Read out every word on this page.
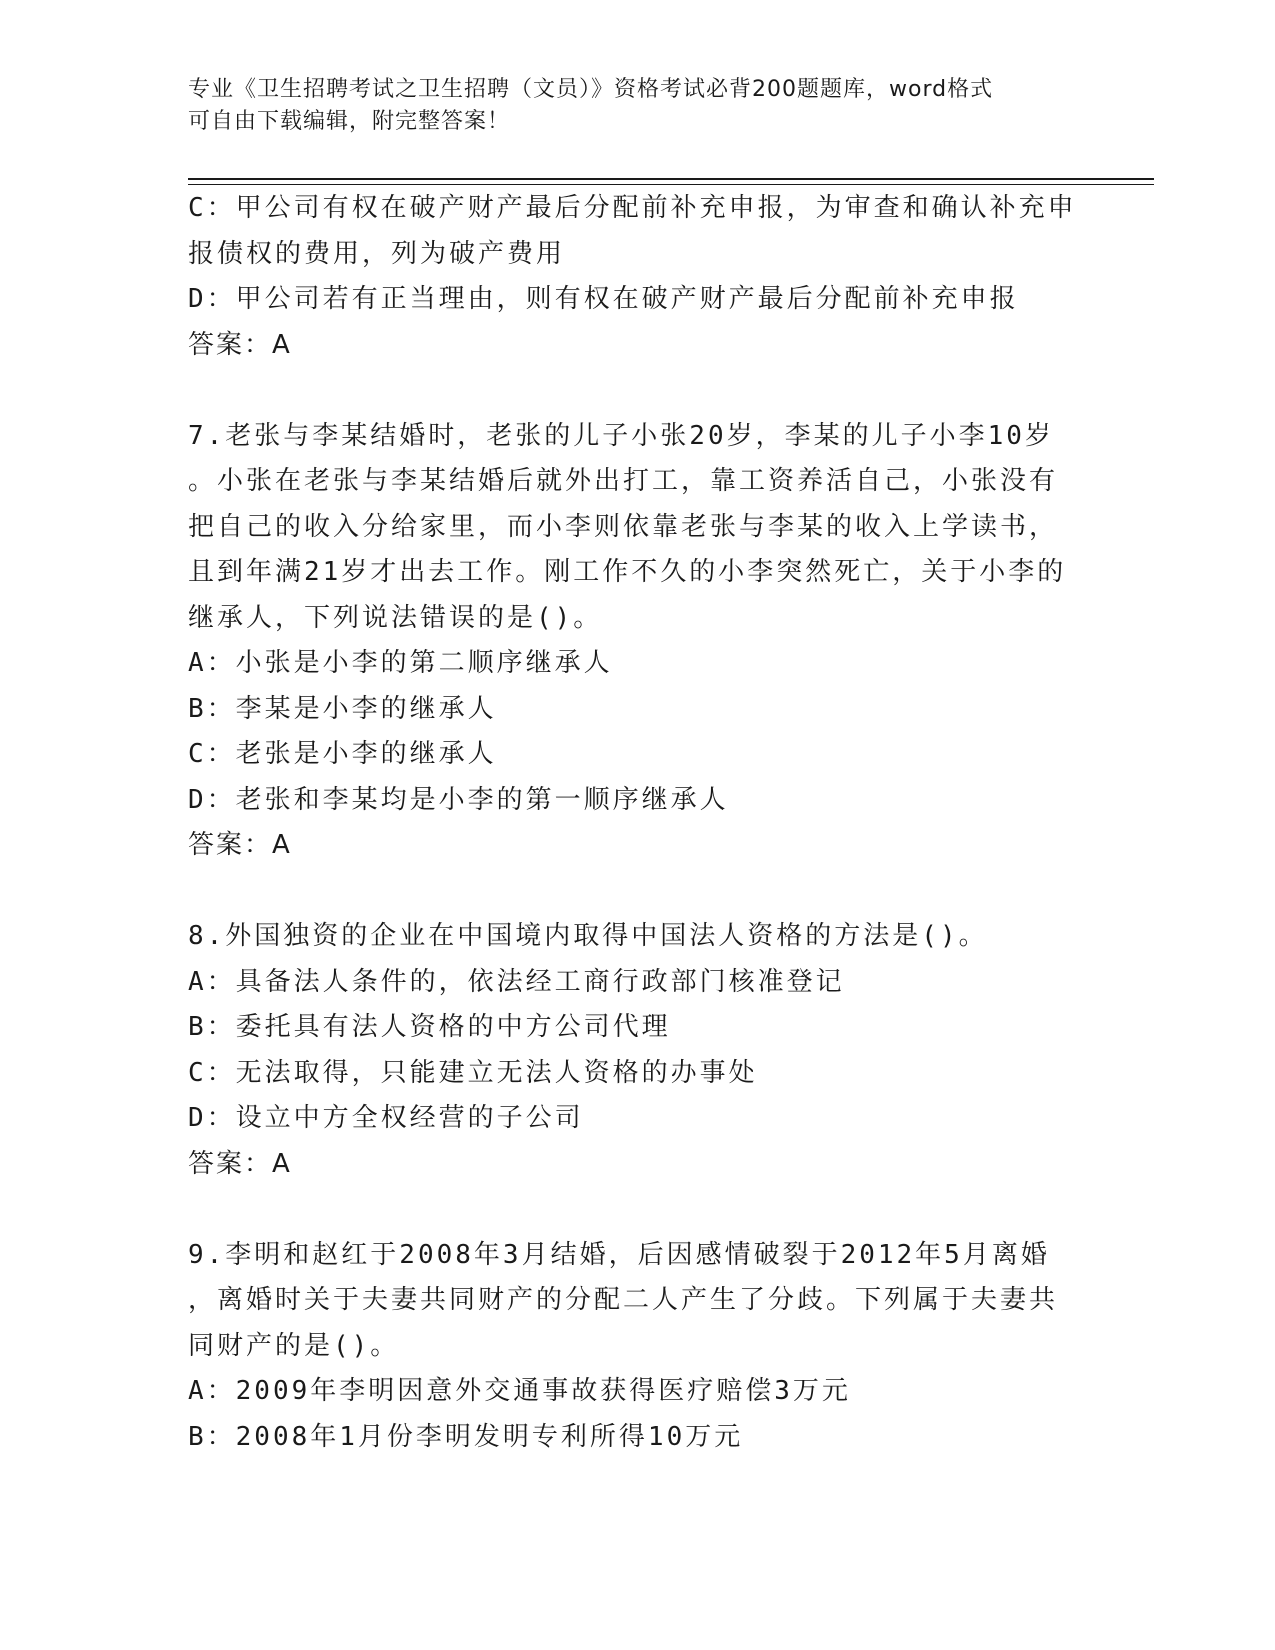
专业《卫生招聘考试之卫生招聘（文员）》资格考试必背200题题库，word格式
可自由下载编辑，附完整答案！
C：甲公司有权在破产财产最后分配前补充申报，为审查和确认补充申
报债权的费用，列为破产费用
D：甲公司若有正当理由，则有权在破产财产最后分配前补充申报
答案：A
7.老张与李某结婚时，老张的儿子小张20岁，李某的儿子小李10岁
。小张在老张与李某结婚后就外出打工，靠工资养活自己，小张没有
把自己的收入分给家里，而小李则依靠老张与李某的收入上学读书，
且到年满21岁才出去工作。刚工作不久的小李突然死亡，关于小李的
继承人，下列说法错误的是()。
A：小张是小李的第二顺序继承人
B：李某是小李的继承人
C：老张是小李的继承人
D：老张和李某均是小李的第一顺序继承人
答案：A
8.外国独资的企业在中国境内取得中国法人资格的方法是()。
A：具备法人条件的，依法经工商行政部门核准登记
B：委托具有法人资格的中方公司代理
C：无法取得，只能建立无法人资格的办事处
D：设立中方全权经营的子公司
答案：A
9.李明和赵红于2008年3月结婚，后因感情破裂于2012年5月离婚
，离婚时关于夫妻共同财产的分配二人产生了分歧。下列属于夫妻共
同财产的是()。
A：2009年李明因意外交通事故获得医疗赔偿3万元
B：2008年1月份李明发明专利所得10万元
